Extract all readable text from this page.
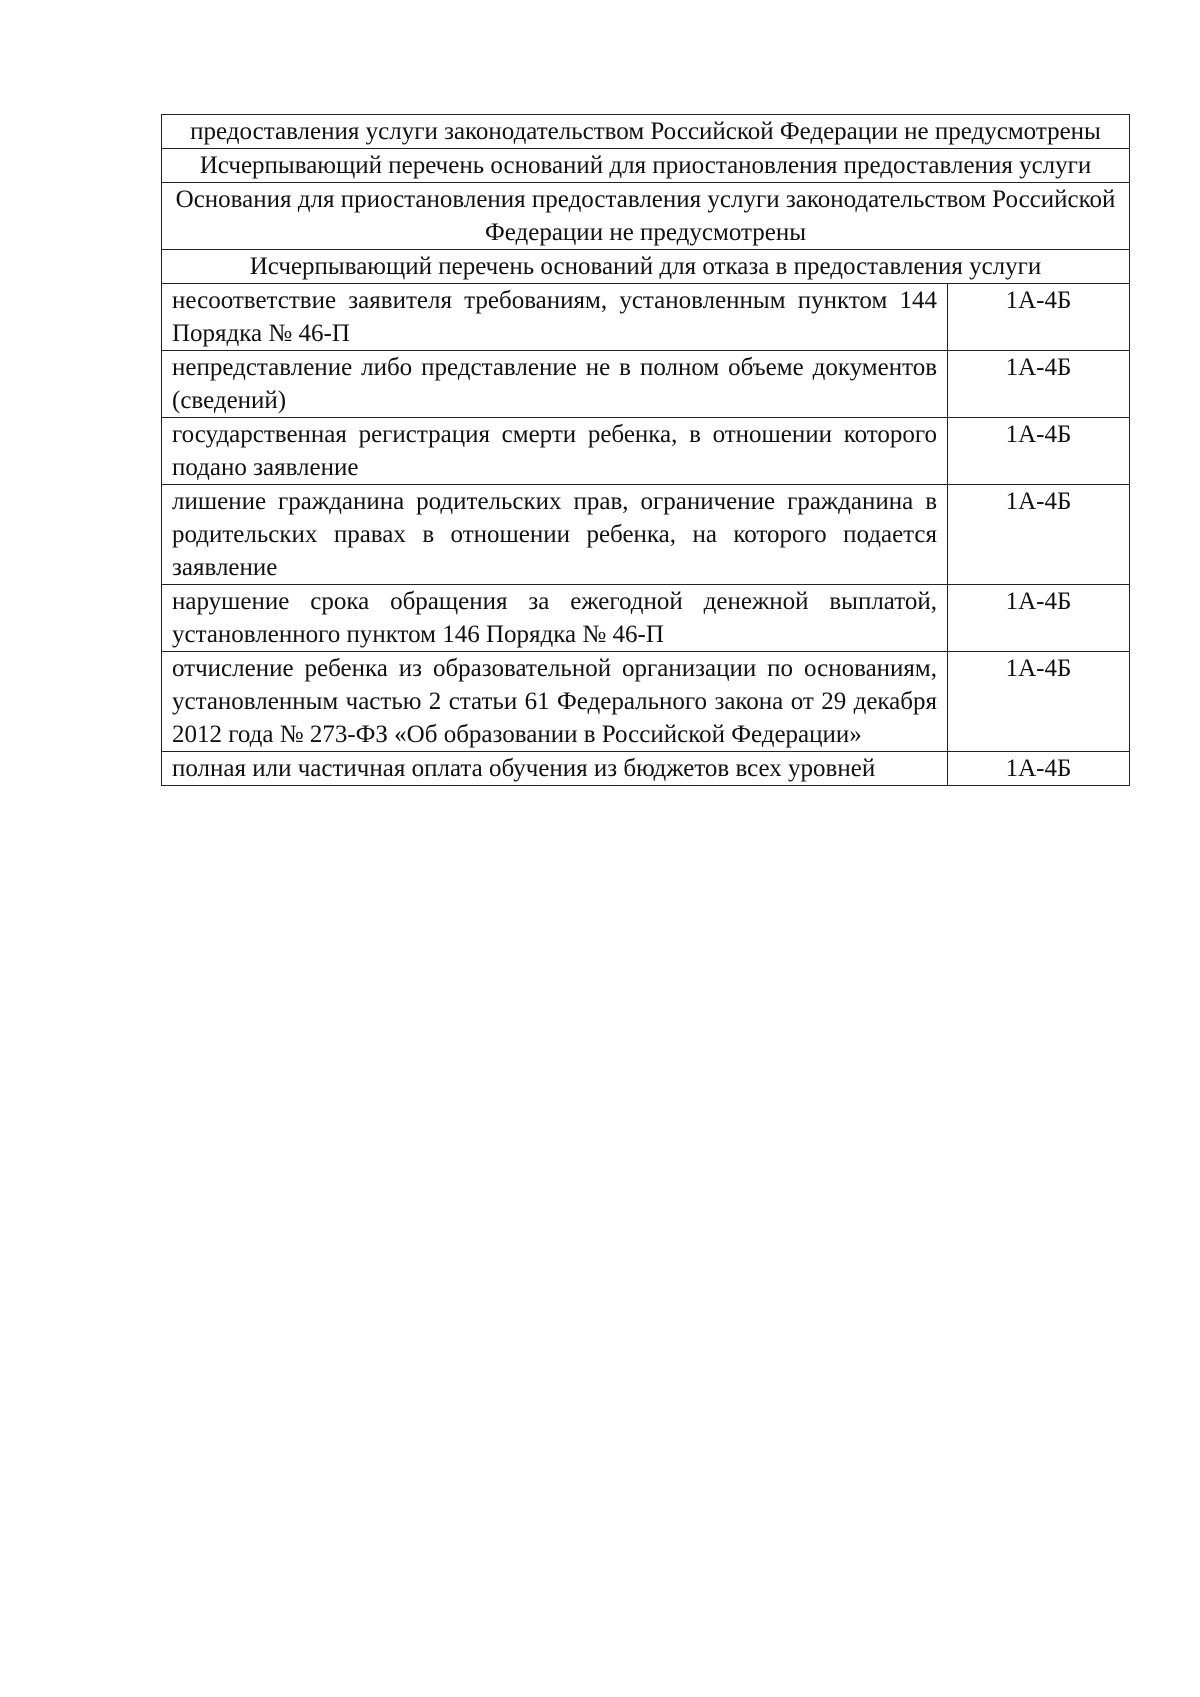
предоставления услуги законодательством Российской Федерации не предусмотрены	
Исчерпывающий перечень оснований для приостановления предоставления услуги	
Основания для приостановления предоставления услуги законодательством Российской Федерации не предусмотрены	
Исчерпывающий перечень оснований для отказа в предоставления услуги	
несоответствие заявителя требованиям, установленным пунктом 144 Порядка № 46-П	1А-4Б
непредставление либо представление не в полном объеме документов (сведений)	1А-4Б
государственная регистрация смерти ребенка, в отношении которого подано заявление	1А-4Б
лишение гражданина родительских прав, ограничение гражданина в родительских правах в отношении ребенка, на которого подается заявление	1А-4Б
нарушение срока обращения за ежегодной денежной выплатой, установленного пунктом 146 Порядка № 46-П	1А-4Б
отчисление ребенка из образовательной организации по основаниям, установленным частью 2 статьи 61 Федерального закона от 29 декабря 2012 года № 273-ФЗ «Об образовании в Российской Федерации»	1А-4Б
полная или частичная оплата обучения из бюджетов всех уровней	1А-4Б
